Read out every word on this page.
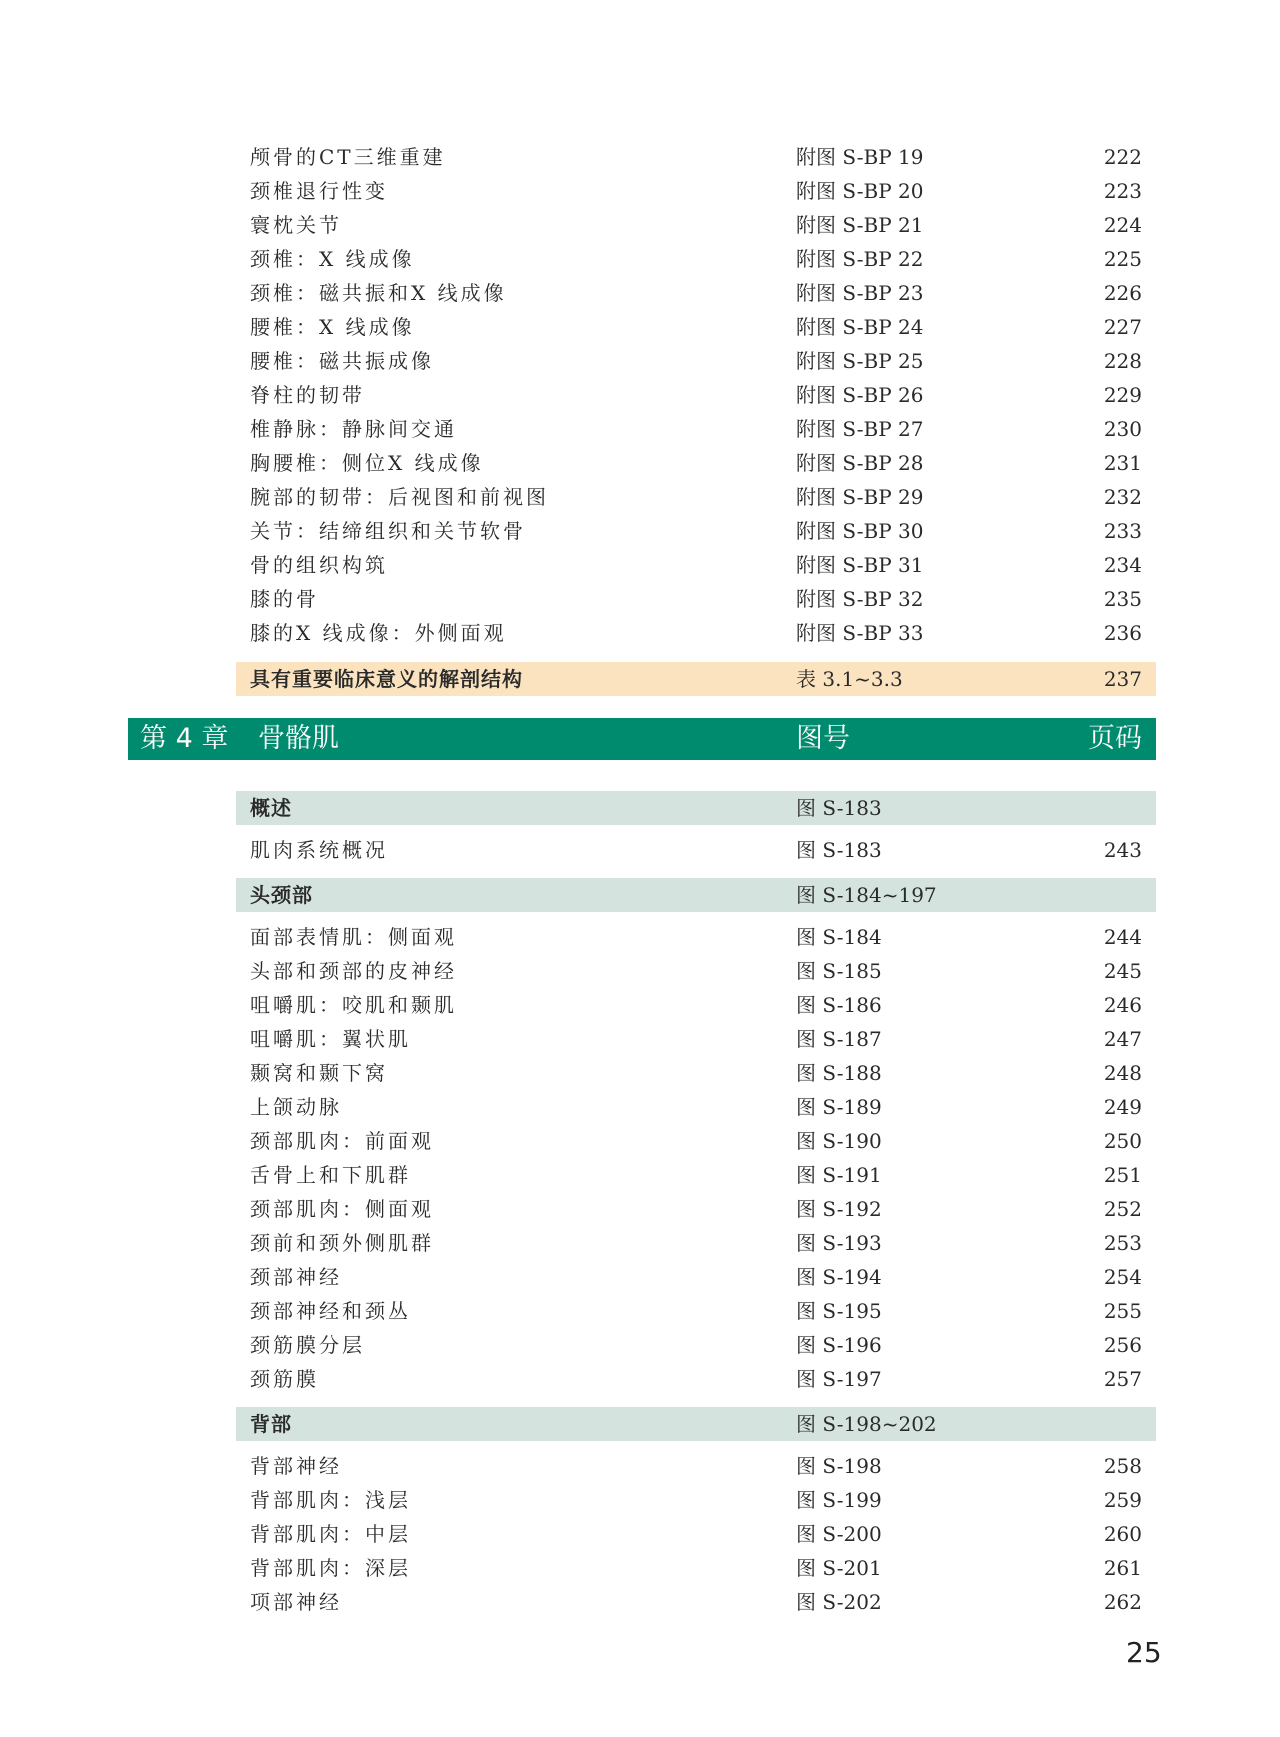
颅骨的CT三维重建	附图 S-BP 19	222
颈椎退行性变	附图 S-BP 20	223
寰枕关节	附图 S-BP 21	224
颈椎：X 线成像	附图 S-BP 22	225
颈椎：磁共振和X 线成像	附图 S-BP 23	226
腰椎：X 线成像	附图 S-BP 24	227
腰椎：磁共振成像	附图 S-BP 25	228
脊柱的韧带	附图 S-BP 26	229
椎静脉：静脉间交通	附图 S-BP 27	230
胸腰椎：侧位X 线成像	附图 S-BP 28	231
腕部的韧带：后视图和前视图	附图 S-BP 29	232
关节：结缔组织和关节软骨	附图 S-BP 30	233
骨的组织构筑	附图 S-BP 31	234
膝的骨	附图 S-BP 32	235
膝的X 线成像：外侧面观	附图 S-BP 33	236
具有重要临床意义的解剖结构	表 3.1~3.3	237
第 4 章 骨骼肌	图号	页码
概述	图 S-183
肌肉系统概况	图 S-183	243
头颈部	图 S-184~197
面部表情肌：侧面观	图 S-184	244
头部和颈部的皮神经	图 S-185	245
咀嚼肌：咬肌和颞肌	图 S-186	246
咀嚼肌：翼状肌	图 S-187	247
颞窝和颞下窝	图 S-188	248
上颌动脉	图 S-189	249
颈部肌肉：前面观	图 S-190	250
舌骨上和下肌群	图 S-191	251
颈部肌肉：侧面观	图 S-192	252
颈前和颈外侧肌群	图 S-193	253
颈部神经	图 S-194	254
颈部神经和颈丛	图 S-195	255
颈筋膜分层	图 S-196	256
颈筋膜	图 S-197	257
背部	图 S-198~202
背部神经	图 S-198	258
背部肌肉：浅层	图 S-199	259
背部肌肉：中层	图 S-200	260
背部肌肉：深层	图 S-201	261
项部神经	图 S-202	262
25
